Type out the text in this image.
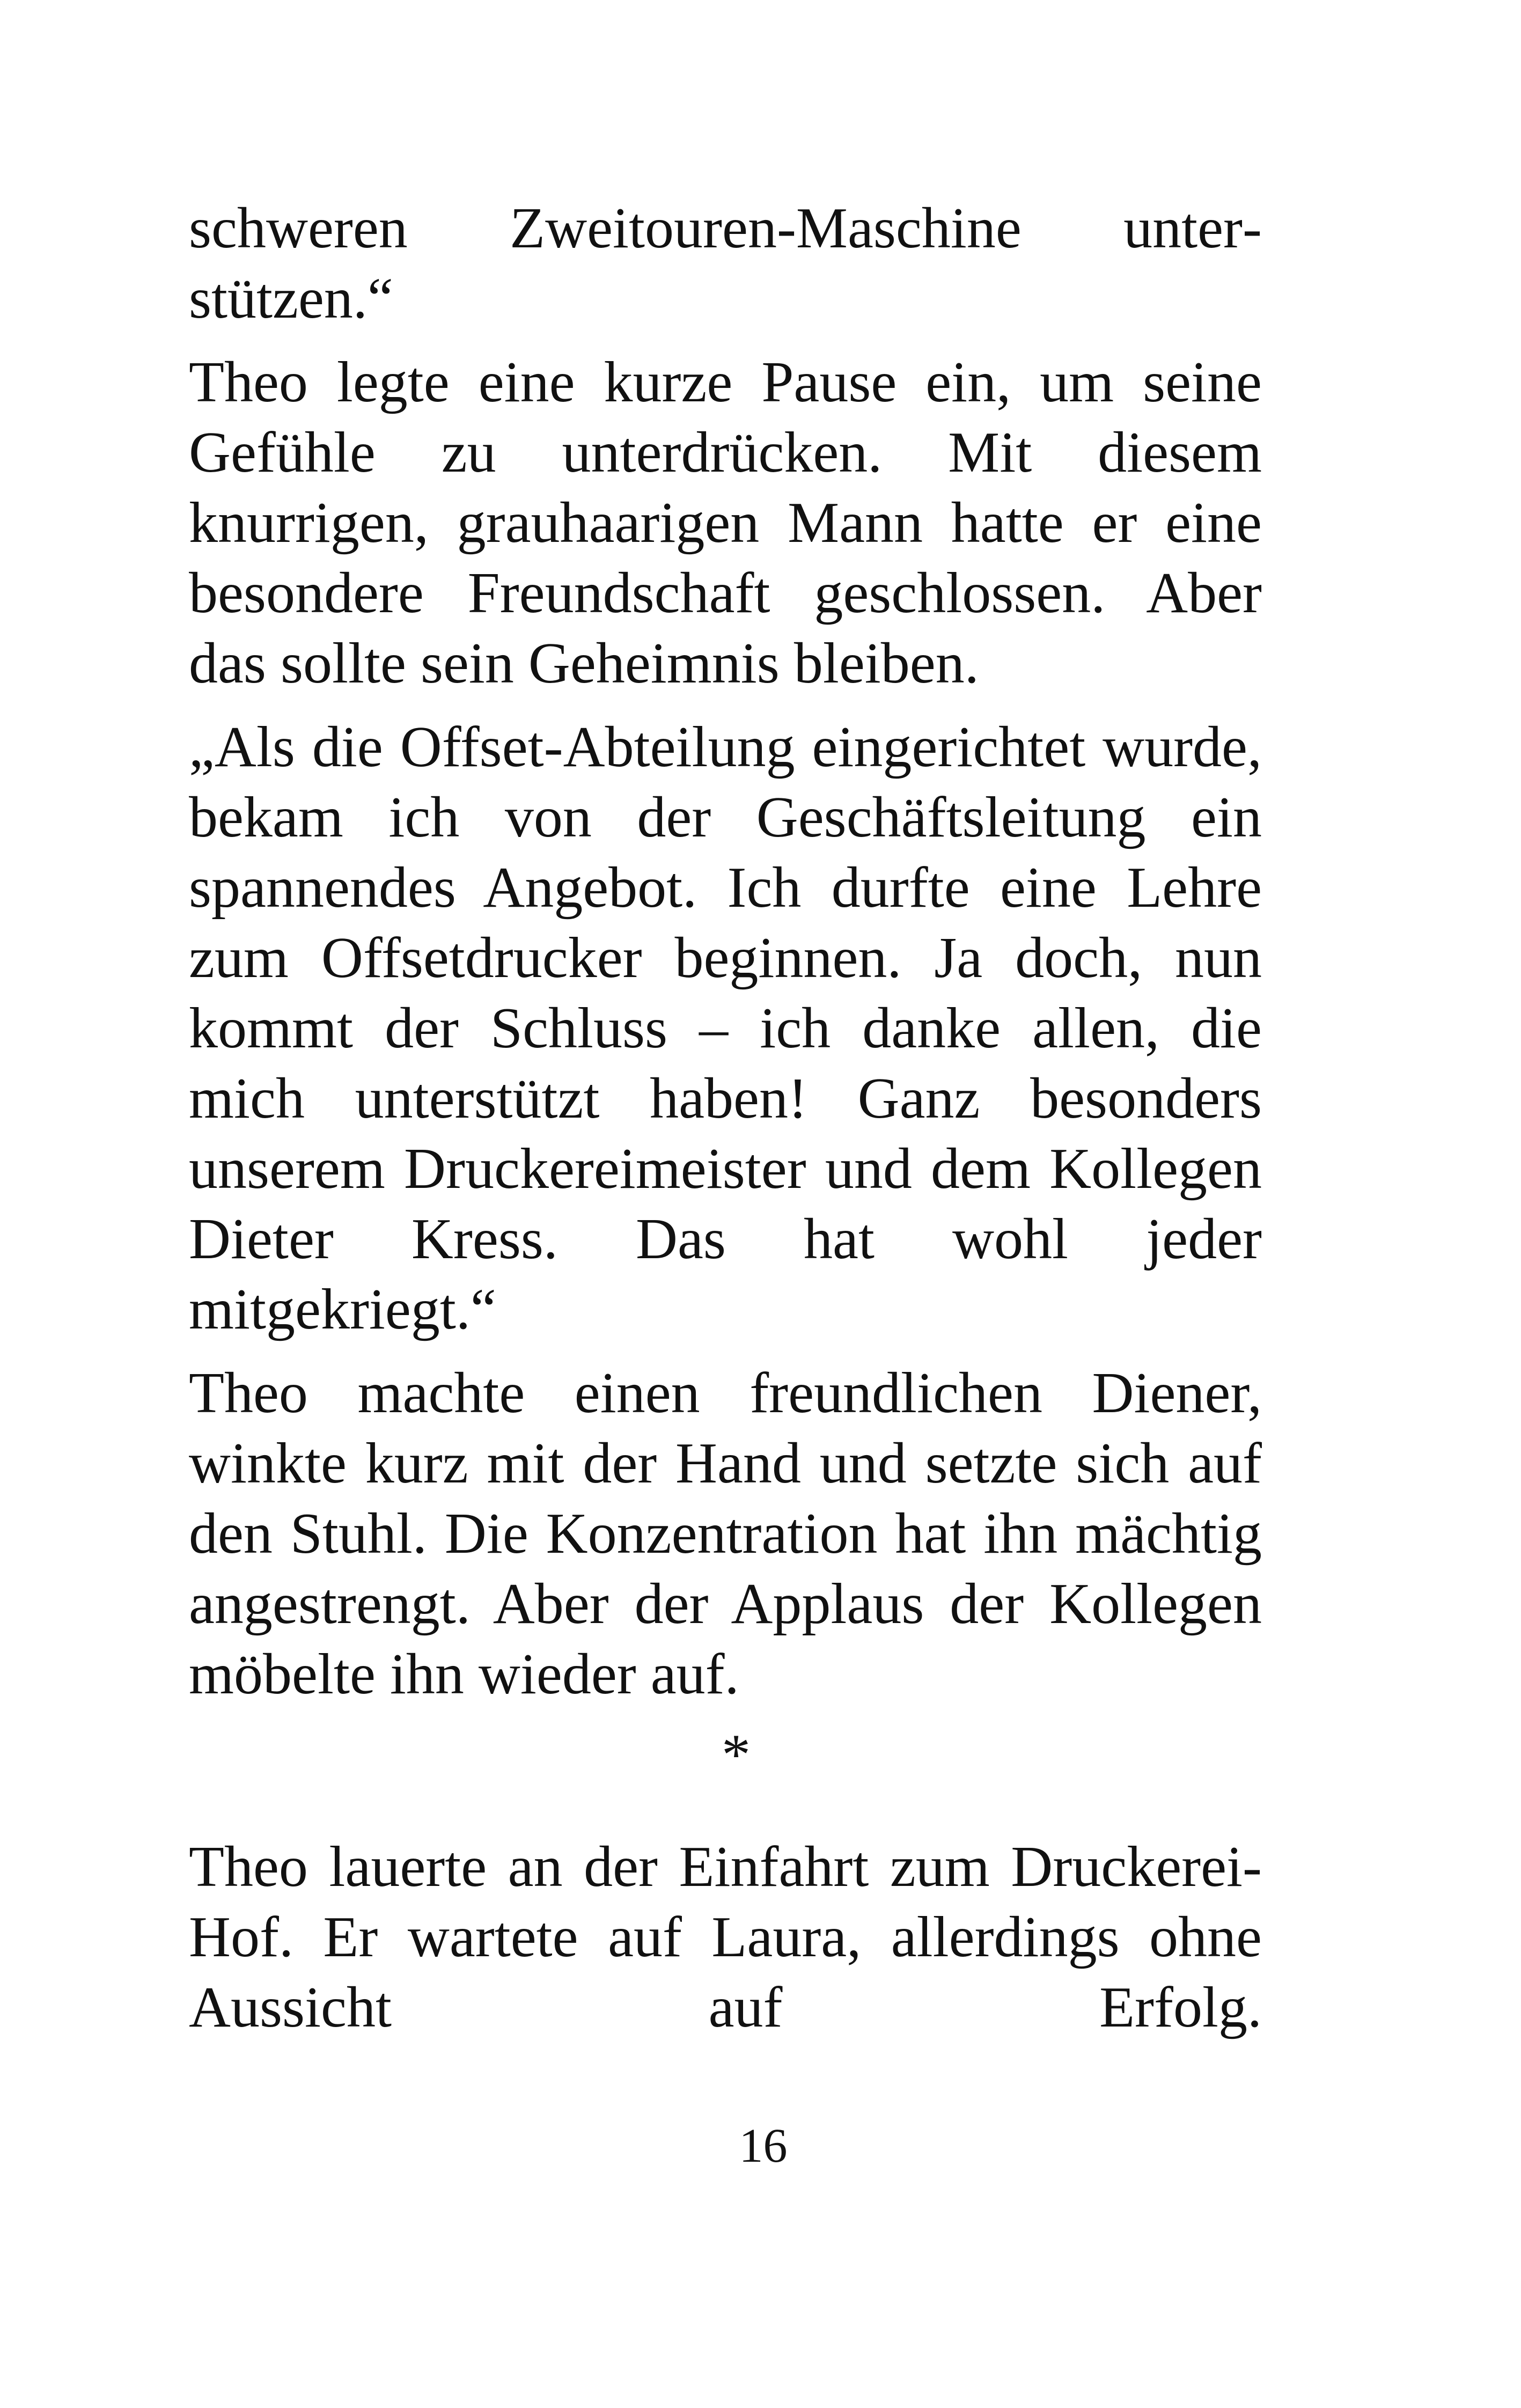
schweren Zweitouren-Maschine unterstützen.“

Theo legte eine kurze Pause ein, um seine Gefühle zu unterdrücken. Mit diesem knurrigen, grauhaarigen Mann hatte er eine besondere Freundschaft geschlossen. Aber das sollte sein Geheimnis bleiben.

„Als die Offset-Abteilung eingerichtet wurde, bekam ich von der Geschäftsleitung ein spannendes Angebot. Ich durfte eine Lehre zum Offsetdrucker beginnen. Ja doch, nun kommt der Schluss – ich danke allen, die mich unterstützt haben! Ganz besonders unserem Druckereimeister und dem Kollegen Dieter Kress. Das hat wohl jeder mitgekriegt.“

Theo machte einen freundlichen Diener, winkte kurz mit der Hand und setzte sich auf den Stuhl. Die Konzentration hat ihn mächtig angestrengt. Aber der Applaus der Kollegen möbelte ihn wieder auf.

*

Theo lauerte an der Einfahrt zum Druckerei-Hof. Er wartete auf Laura, allerdings ohne Aussicht auf Erfolg.

16
